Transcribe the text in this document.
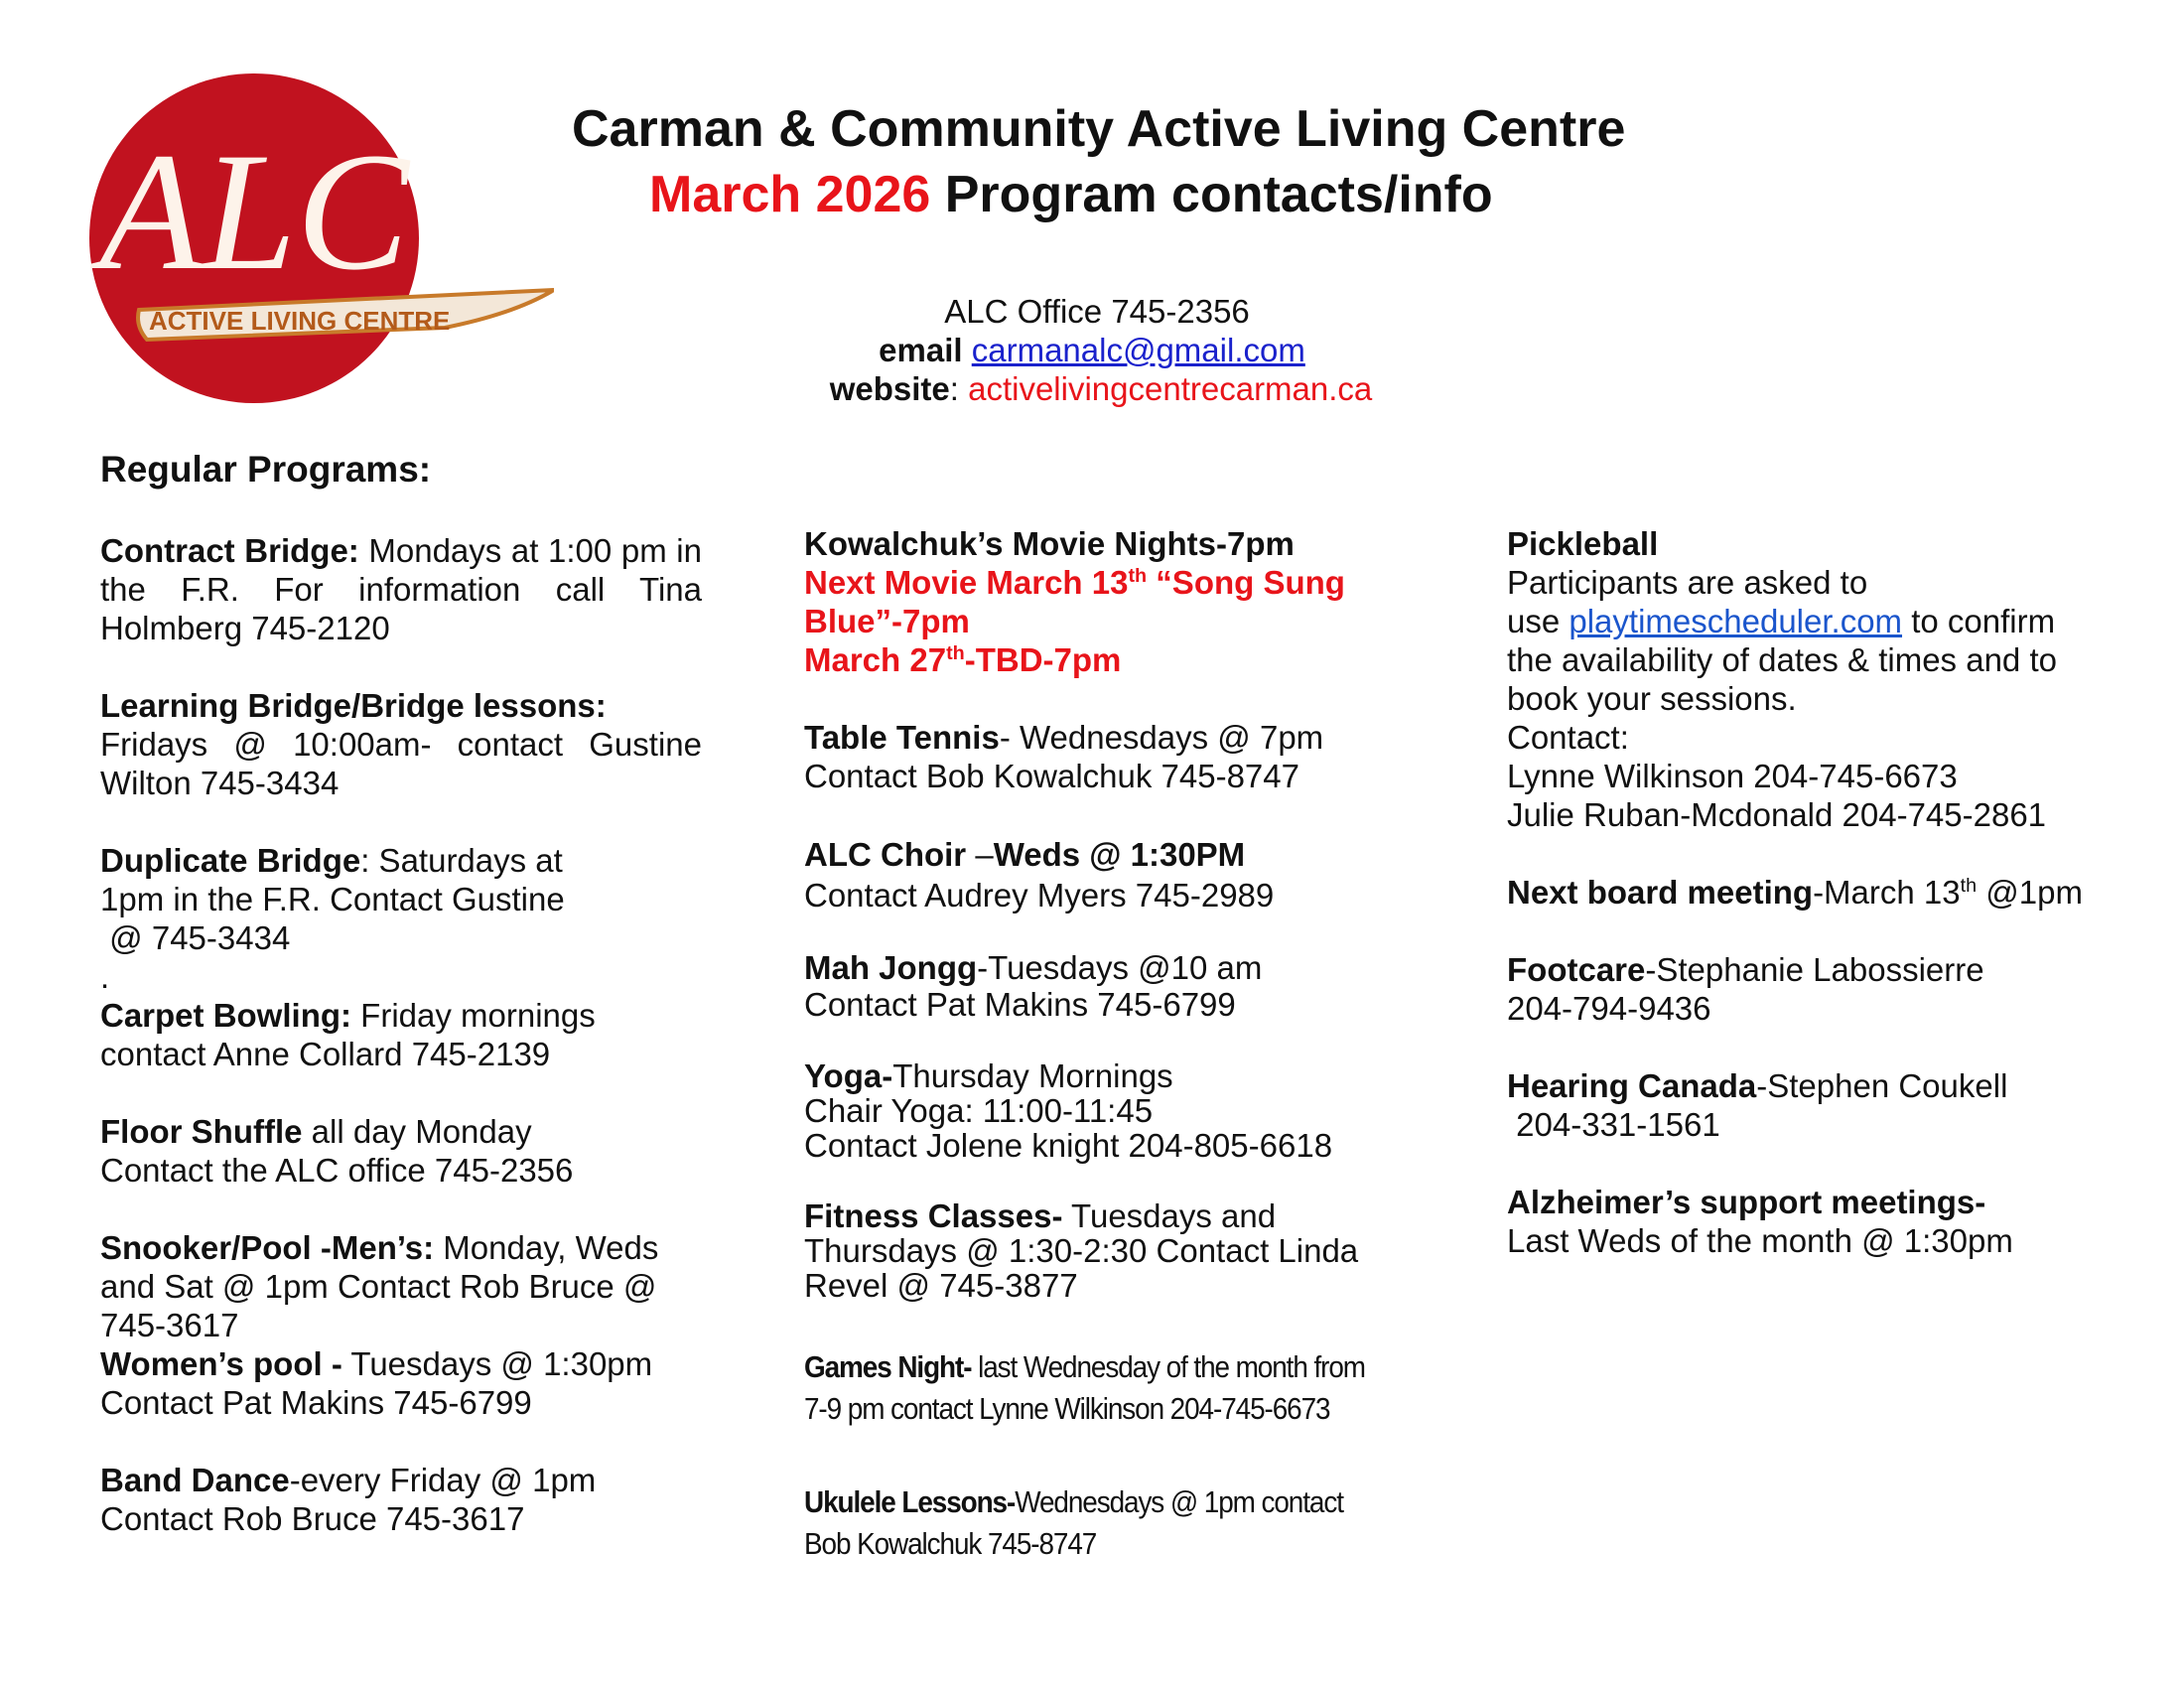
ALC
ACTIVE LIVING CENTRE
Carman & Community Active Living Centre
March 2026 Program contacts/info
ALC Office 745-2356
email carmanalc@gmail.com
website: activelivingcentrecarman.ca
Regular Programs:

Contract Bridge: Mondays at 1:00 pm in the F.R. For information call Tina Holmberg 745-2120

Learning Bridge/Bridge lessons:
Fridays @ 10:00am- contact Gustine Wilton 745-3434

Duplicate Bridge: Saturdays at
1pm in the F.R. Contact Gustine
@ 745-3434
.

Carpet Bowling: Friday mornings
contact Anne Collard 745-2139

Floor Shuffle all day Monday
Contact the ALC office 745-2356

Snooker/Pool -Men’s: Monday, Weds
and Sat @ 1pm Contact Rob Bruce @
745-3617

Women’s pool - Tuesdays @ 1:30pm
Contact Pat Makins 745-6799

Band Dance-every Friday @ 1pm
Contact Rob Bruce 745-3617

Kowalchuk’s Movie Nights-7pm
Next Movie March 13th “Song Sung
Blue”-7pm
March 27th-TBD-7pm

Table Tennis- Wednesdays @ 7pm
Contact Bob Kowalchuk 745-8747

ALC Choir –Weds @ 1:30PM
Contact Audrey Myers 745-2989

Mah Jongg-Tuesdays @10 am
Contact Pat Makins 745-6799

Yoga-Thursday Mornings
Chair Yoga: 11:00-11:45
Contact Jolene knight 204-805-6618

Fitness Classes- Tuesdays and
Thursdays @ 1:30-2:30 Contact Linda
Revel @ 745-3877

Games Night- last Wednesday of the month from
7-9 pm contact Lynne Wilkinson 204-745-6673

Ukulele Lessons-Wednesdays @ 1pm contact
Bob Kowalchuk 745-8747

Pickleball
Participants are asked to
use playtimescheduler.com to confirm
the availability of dates & times and to
book your sessions.
Contact:
Lynne Wilkinson 204-745-6673
Julie Ruban-Mcdonald 204-745-2861

Next board meeting-March 13th @1pm

Footcare-Stephanie Labossierre
204-794-9436

Hearing Canada-Stephen Coukell
204-331-1561

Alzheimer’s support meetings-
Last Weds of the month @ 1:30pm
